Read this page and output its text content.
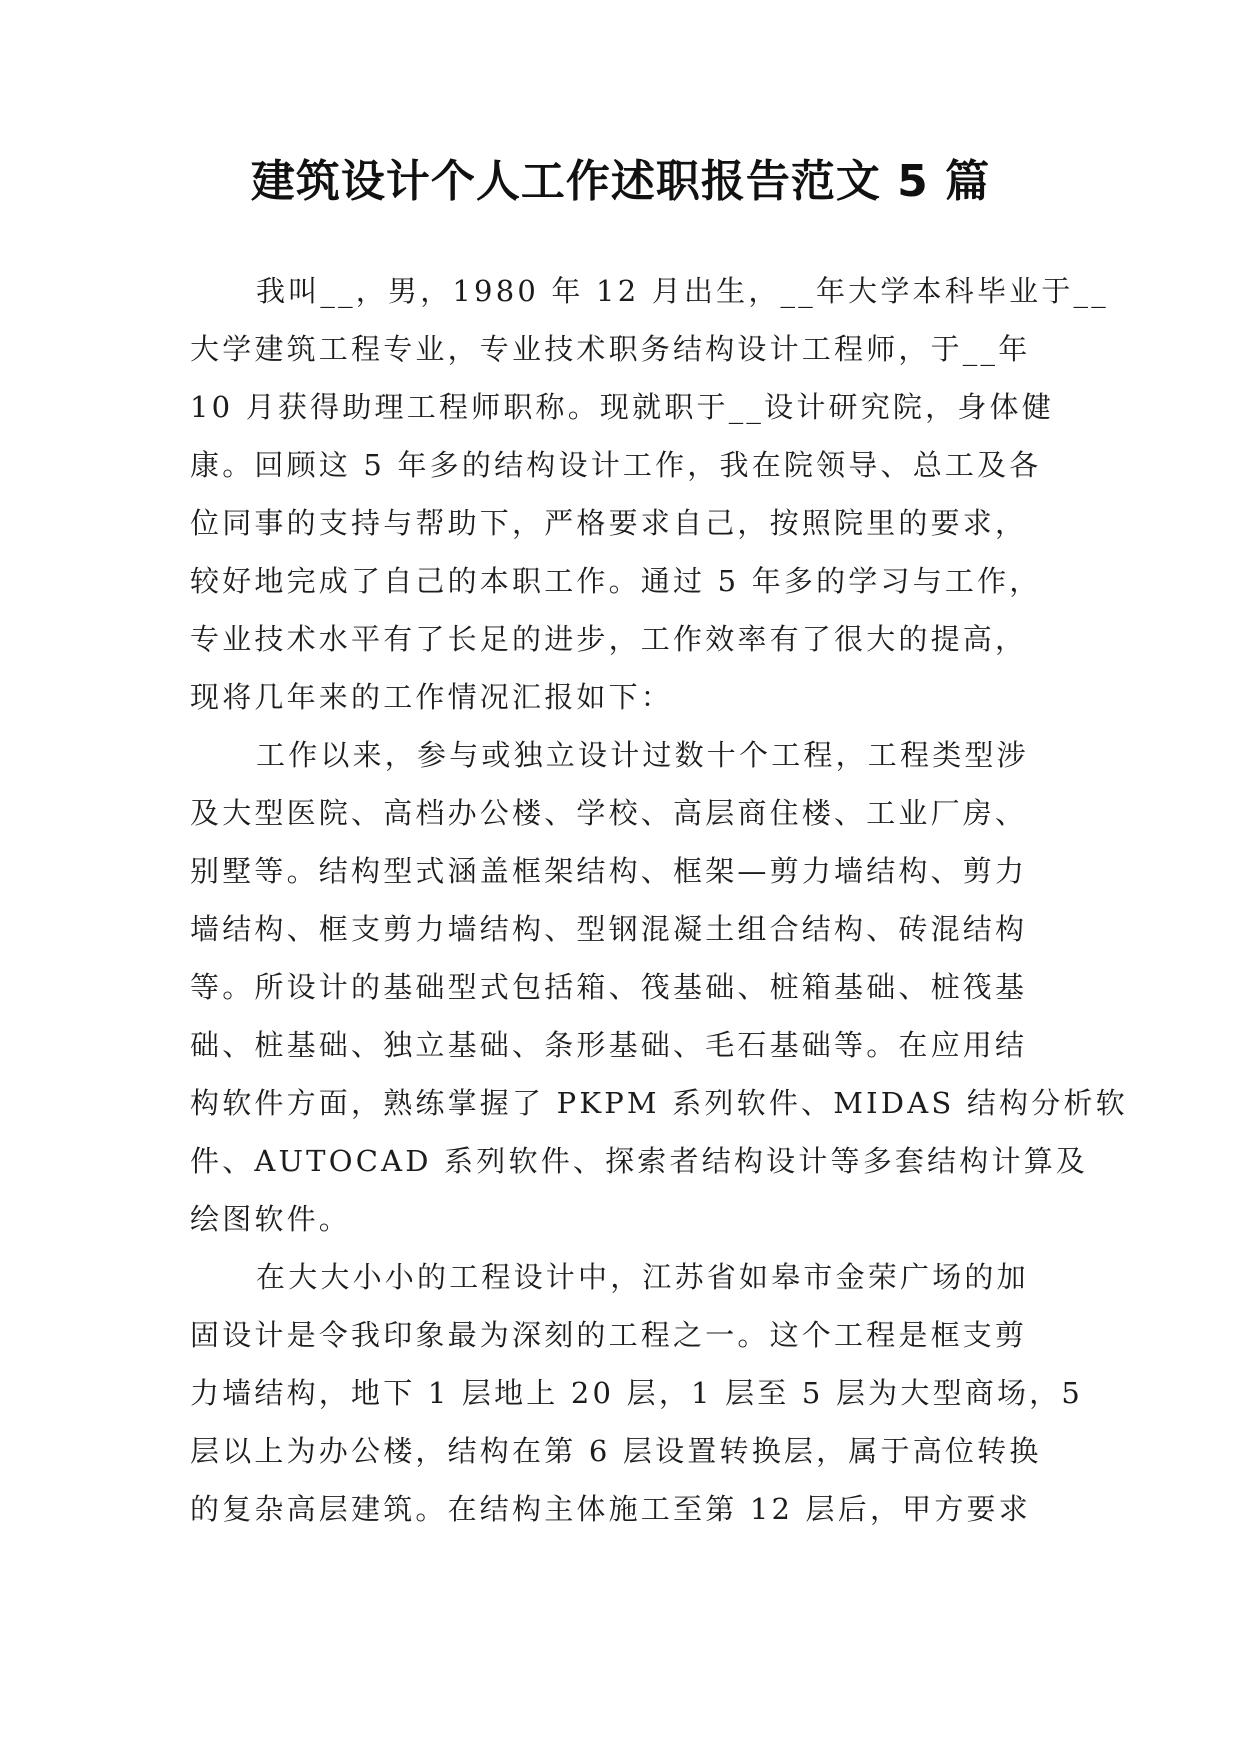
建筑设计个人工作述职报告范文 5 篇
我叫__，男，1980 年 12 月出生，__年大学本科毕业于__
大学建筑工程专业，专业技术职务结构设计工程师，于__年
10 月获得助理工程师职称。现就职于__设计研究院，身体健
康。回顾这 5 年多的结构设计工作，我在院领导、总工及各
位同事的支持与帮助下，严格要求自己，按照院里的要求，
较好地完成了自己的本职工作。通过 5 年多的学习与工作，
专业技术水平有了长足的进步，工作效率有了很大的提高，
现将几年来的工作情况汇报如下：
工作以来，参与或独立设计过数十个工程，工程类型涉
及大型医院、高档办公楼、学校、高层商住楼、工业厂房、
别墅等。结构型式涵盖框架结构、框架—剪力墙结构、剪力
墙结构、框支剪力墙结构、型钢混凝土组合结构、砖混结构
等。所设计的基础型式包括箱、筏基础、桩箱基础、桩筏基
础、桩基础、独立基础、条形基础、毛石基础等。在应用结
构软件方面，熟练掌握了 PKPM 系列软件、MIDAS 结构分析软
件、AUTOCAD 系列软件、探索者结构设计等多套结构计算及
绘图软件。
在大大小小的工程设计中，江苏省如皋市金荣广场的加
固设计是令我印象最为深刻的工程之一。这个工程是框支剪
力墙结构，地下 1 层地上 20 层，1 层至 5 层为大型商场，5
层以上为办公楼，结构在第 6 层设置转换层，属于高位转换
的复杂高层建筑。在结构主体施工至第 12 层后，甲方要求
